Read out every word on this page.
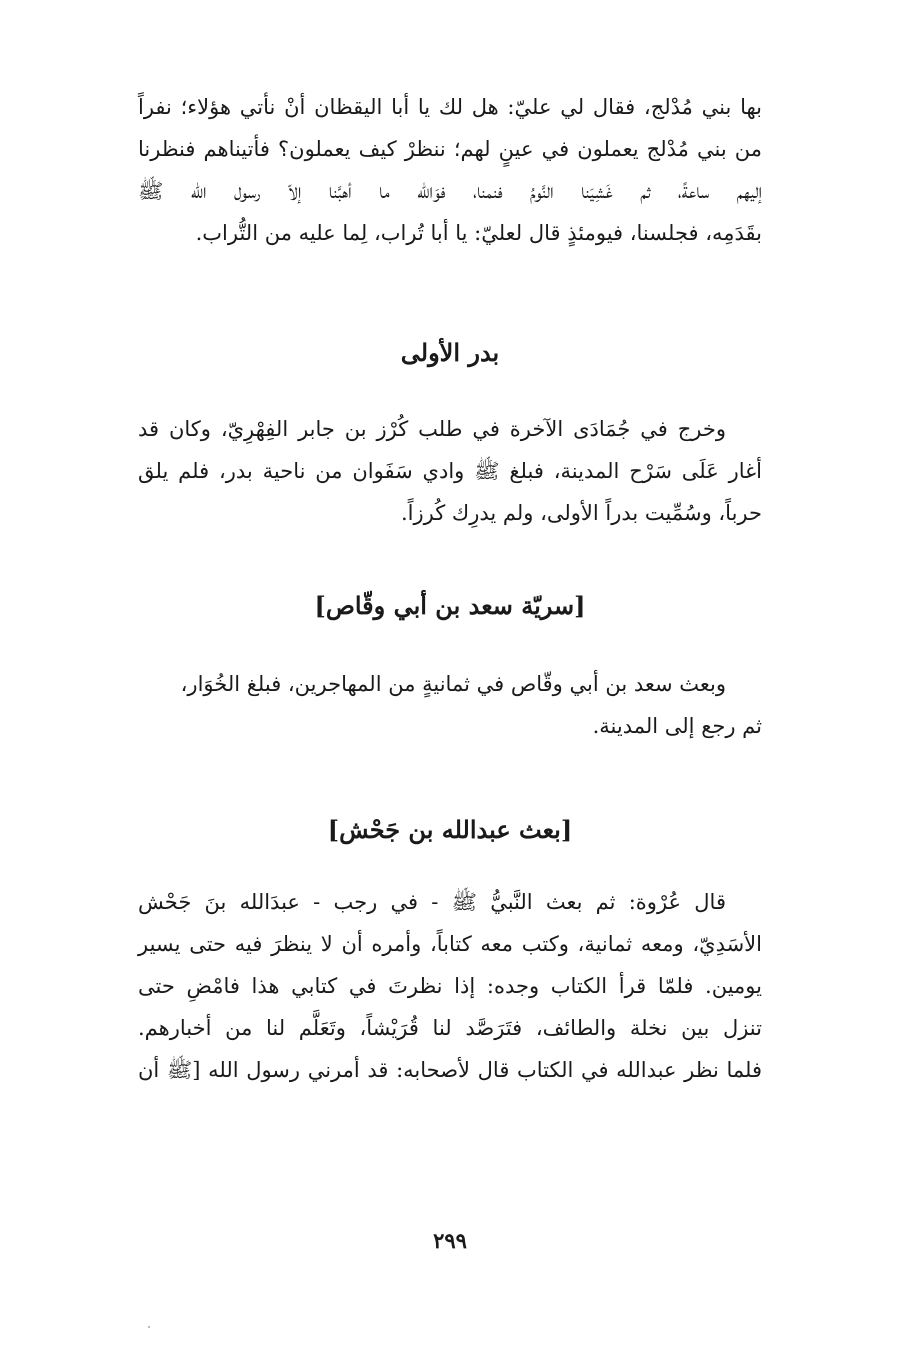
بها بني مُدْلج، فقال لي عليّ: هل لك يا أبا اليقظان أنْ نأتي هؤلاء؛ نفراً
من بني مُدْلج يعملون في عينٍ لهم؛ ننظرْ كيف يعملون؟ فأتيناهم فنظرنا
إليهم ساعةً، ثم غَشِيَنا النَّومُ فنمنا، فوَالله ما أهبَّنا إلاّ رسول الله ﷺ
بقَدَمِه، فجلسنا، فيومئذٍ قال لعليّ: يا أبا تُراب، لِما عليه من التُّراب.
بدر الأولى
وخرج في جُمَادَى الآخرة في طلب كُرْز بن جابر الفِهْرِيّ، وكان قد
أغار عَلَى سَرْح المدينة، فبلغ ﷺ وادي سَفَوان من ناحية بدر، فلم يلق
حرباً، وسُمِّيت بدراً الأولى، ولم يدرِك كُرزاً.
[سريّة سعد بن أبي وقّاص]
وبعث سعد بن أبي وقّاص في ثمانيةٍ من المهاجرين، فبلغ الخُوَار،
ثم رجع إلى المدينة.
[بعث عبدالله بن جَحْش]
قال عُرْوة: ثم بعث النَّبيُّ ﷺ - في رجب - عبدَالله بنَ جَحْش
الأسَدِيّ، ومعه ثمانية، وكتب معه كتاباً، وأمره أن لا ينظرَ فيه حتى يسير
يومين. فلمّا قرأ الكتاب وجده: إذا نظرتَ في كتابي هذا فامْضِ حتى
تنزل بين نخلة والطائف، فتَرَصَّد لنا قُرَيْشاً، وتَعَلَّم لنا من أخبارهم.
فلما نظر عبدالله في الكتاب قال لأصحابه: قد أمرني رسول الله [ﷺ أن
٢٩٩
